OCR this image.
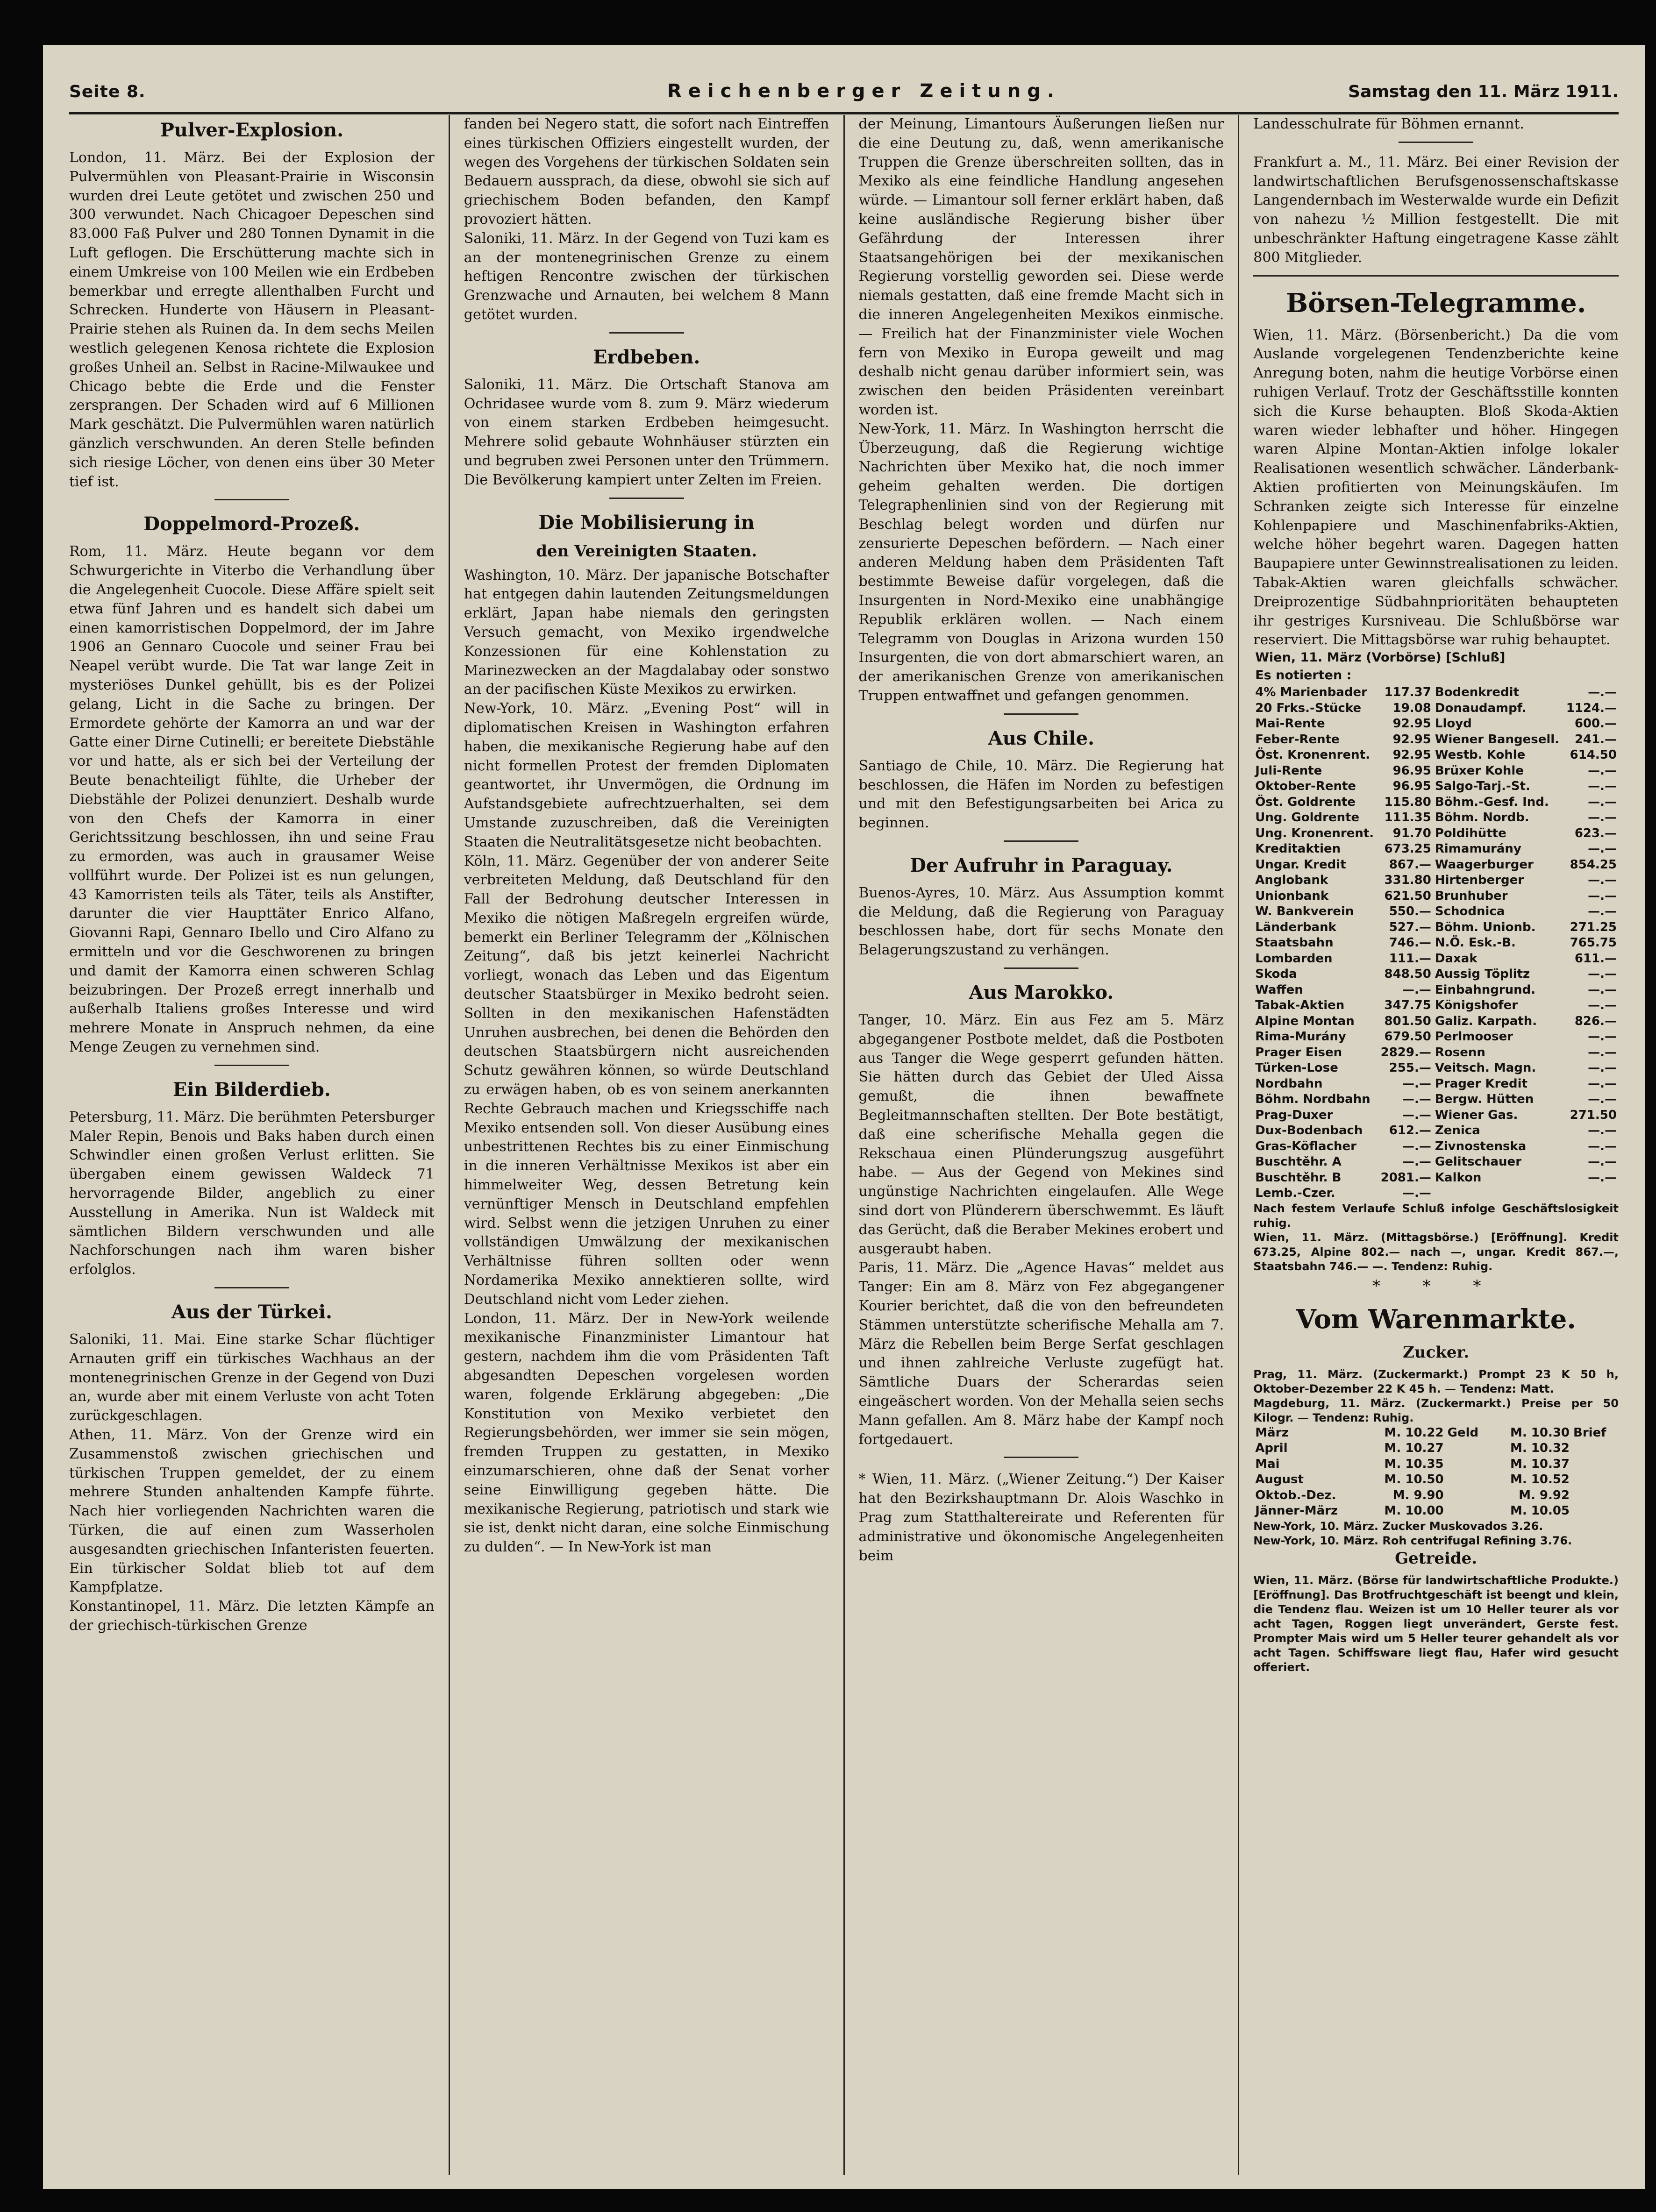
Seite 8.	Reichenberger Zeitung.	Samstag den 11. März 1911.
Pulver-Explosion.

London, 11. März. Bei der Explosion der Pulvermühlen von Pleasant-Prairie in Wisconsin wurden drei Leute getötet und zwischen 250 und 300 verwundet. Nach Chicagoer Depeschen sind 83.000 Faß Pulver und 280 Tonnen Dynamit in die Luft geflogen. Die Erschütterung machte sich in einem Umkreise von 100 Meilen wie ein Erdbeben bemerkbar und erregte allenthalben Furcht und Schrecken. Hunderte von Häusern in Pleasant-Prairie stehen als Ruinen da. In dem sechs Meilen westlich gelegenen Kenosa richtete die Explosion großes Unheil an. Selbst in Racine-Milwaukee und Chicago bebte die Erde und die Fenster zersprangen. Der Schaden wird auf 6 Millionen Mark geschätzt. Die Pulvermühlen waren natürlich gänzlich verschwunden. An deren Stelle befinden sich riesige Löcher, von denen eins über 30 Meter tief ist.

Doppelmord-Prozeß.

Rom, 11. März. Heute begann vor dem Schwurgerichte in Viterbo die Verhandlung über die Angelegenheit Cuocole. Diese Affäre spielt seit etwa fünf Jahren und es handelt sich dabei um einen kamorristischen Doppelmord, der im Jahre 1906 an Gennaro Cuocole und seiner Frau bei Neapel verübt wurde. Die Tat war lange Zeit in mysteriöses Dunkel gehüllt, bis es der Polizei gelang, Licht in die Sache zu bringen. Der Ermordete gehörte der Kamorra an und war der Gatte einer Dirne Cutinelli; er bereitete Diebstähle vor und hatte, als er sich bei der Verteilung der Beute benachteiligt fühlte, die Urheber der Diebstähle der Polizei denunziert. Deshalb wurde von den Chefs der Kamorra in einer Gerichtssitzung beschlossen, ihn und seine Frau zu ermorden, was auch in grausamer Weise vollführt wurde. Der Polizei ist es nun gelungen, 43 Kamorristen teils als Täter, teils als Anstifter, darunter die vier Haupttäter Enrico Alfano, Giovanni Rapi, Gennaro Ibello und Ciro Alfano zu ermitteln und vor die Geschworenen zu bringen und damit der Kamorra einen schweren Schlag beizubringen. Der Prozeß erregt innerhalb und außerhalb Italiens großes Interesse und wird mehrere Monate in Anspruch nehmen, da eine Menge Zeugen zu vernehmen sind.

Ein Bilderdieb.

Petersburg, 11. März. Die berühmten Petersburger Maler Repin, Benois und Baks haben durch einen Schwindler einen großen Verlust erlitten. Sie übergaben einem gewissen Waldeck 71 hervorragende Bilder, angeblich zu einer Ausstellung in Amerika. Nun ist Waldeck mit sämtlichen Bildern verschwunden und alle Nachforschungen nach ihm waren bisher erfolglos.

Aus der Türkei.

Saloniki, 11. Mai. Eine starke Schar flüchtiger Arnauten griff ein türkisches Wachhaus an der montenegrinischen Grenze in der Gegend von Duzi an, wurde aber mit einem Verluste von acht Toten zurückgeschlagen.
Athen, 11. März. Von der Grenze wird ein Zusammenstoß zwischen griechischen und türkischen Truppen gemeldet, der zu einem mehrere Stunden anhaltenden Kampfe führte. Nach hier vorliegenden Nachrichten waren die Türken, die auf einen zum Wasserholen ausgesandten griechischen Infanteristen feuerten. Ein türkischer Soldat blieb tot auf dem Kampfplatze.
Konstantinopel, 11. März. Die letzten Kämpfe an der griechisch-türkischen Grenze

fanden bei Negero statt, die sofort nach Eintreffen eines türkischen Offiziers eingestellt wurden, der wegen des Vorgehens der türkischen Soldaten sein Bedauern aussprach, da diese, obwohl sie sich auf griechischem Boden befanden, den Kampf provoziert hätten.
Saloniki, 11. März. In der Gegend von Tuzi kam es an der montenegrinischen Grenze zu einem heftigen Rencontre zwischen der türkischen Grenzwache und Arnauten, bei welchem 8 Mann getötet wurden.

Erdbeben.

Saloniki, 11. März. Die Ortschaft Stanova am Ochridasee wurde vom 8. zum 9. März wiederum von einem starken Erdbeben heimgesucht. Mehrere solid gebaute Wohnhäuser stürzten ein und begruben zwei Personen unter den Trümmern. Die Bevölkerung kampiert unter Zelten im Freien.

Die Mobilisierung in
den Vereinigten Staaten.

Washington, 10. März. Der japanische Botschafter hat entgegen dahin lautenden Zeitungsmeldungen erklärt, Japan habe niemals den geringsten Versuch gemacht, von Mexiko irgendwelche Konzessionen für eine Kohlenstation zu Marinezwecken an der Magdalabay oder sonstwo an der pacifischen Küste Mexikos zu erwirken.
New-York, 10. März. „Evening Post“ will in diplomatischen Kreisen in Washington erfahren haben, die mexikanische Regierung habe auf den nicht formellen Protest der fremden Diplomaten geantwortet, ihr Unvermögen, die Ordnung im Aufstandsgebiete aufrechtzuerhalten, sei dem Umstande zuzuschreiben, daß die Vereinigten Staaten die Neutralitätsgesetze nicht beobachten.
Köln, 11. März. Gegenüber der von anderer Seite verbreiteten Meldung, daß Deutschland für den Fall der Bedrohung deutscher Interessen in Mexiko die nötigen Maßregeln ergreifen würde, bemerkt ein Berliner Telegramm der „Kölnischen Zeitung“, daß bis jetzt keinerlei Nachricht vorliegt, wonach das Leben und das Eigentum deutscher Staatsbürger in Mexiko bedroht seien. Sollten in den mexikanischen Hafenstädten Unruhen ausbrechen, bei denen die Behörden den deutschen Staatsbürgern nicht ausreichenden Schutz gewähren können, so würde Deutschland zu erwägen haben, ob es von seinem anerkannten Rechte Gebrauch machen und Kriegsschiffe nach Mexiko entsenden soll. Von dieser Ausübung eines unbestrittenen Rechtes bis zu einer Einmischung in die inneren Verhältnisse Mexikos ist aber ein himmelweiter Weg, dessen Betretung kein vernünftiger Mensch in Deutschland empfehlen wird. Selbst wenn die jetzigen Unruhen zu einer vollständigen Umwälzung der mexikanischen Verhältnisse führen sollten oder wenn Nordamerika Mexiko annektieren sollte, wird Deutschland nicht vom Leder ziehen.
London, 11. März. Der in New-York weilende mexikanische Finanzminister Limantour hat gestern, nachdem ihm die vom Präsidenten Taft abgesandten Depeschen vorgelesen worden waren, folgende Erklärung abgegeben: „Die Konstitution von Mexiko verbietet den Regierungsbehörden, wer immer sie sein mögen, fremden Truppen zu gestatten, in Mexiko einzumarschieren, ohne daß der Senat vorher seine Einwilligung gegeben hätte. Die mexikanische Regierung, patriotisch und stark wie sie ist, denkt nicht daran, eine solche Einmischung zu dulden“. — In New-York ist man

der Meinung, Limantours Äußerungen ließen nur die eine Deutung zu, daß, wenn amerikanische Truppen die Grenze überschreiten sollten, das in Mexiko als eine feindliche Handlung angesehen würde. — Limantour soll ferner erklärt haben, daß keine ausländische Regierung bisher über Gefährdung der Interessen ihrer Staatsangehörigen bei der mexikanischen Regierung vorstellig geworden sei. Diese werde niemals gestatten, daß eine fremde Macht sich in die inneren Angelegenheiten Mexikos einmische. — Freilich hat der Finanzminister viele Wochen fern von Mexiko in Europa geweilt und mag deshalb nicht genau darüber informiert sein, was zwischen den beiden Präsidenten vereinbart worden ist.
New-York, 11. März. In Washington herrscht die Überzeugung, daß die Regierung wichtige Nachrichten über Mexiko hat, die noch immer geheim gehalten werden. Die dortigen Telegraphenlinien sind von der Regierung mit Beschlag belegt worden und dürfen nur zensurierte Depeschen befördern. — Nach einer anderen Meldung haben dem Präsidenten Taft bestimmte Beweise dafür vorgelegen, daß die Insurgenten in Nord-Mexiko eine unabhängige Republik erklären wollen. — Nach einem Telegramm von Douglas in Arizona wurden 150 Insurgenten, die von dort abmarschiert waren, an der amerikanischen Grenze von amerikanischen Truppen entwaffnet und gefangen genommen.

Aus Chile.

Santiago de Chile, 10. März. Die Regierung hat beschlossen, die Häfen im Norden zu befestigen und mit den Befestigungsarbeiten bei Arica zu beginnen.

Der Aufruhr in Paraguay.

Buenos-Ayres, 10. März. Aus Assumption kommt die Meldung, daß die Regierung von Paraguay beschlossen habe, dort für sechs Monate den Belagerungszustand zu verhängen.

Aus Marokko.

Tanger, 10. März. Ein aus Fez am 5. März abgegangener Postbote meldet, daß die Postboten aus Tanger die Wege gesperrt gefunden hätten. Sie hätten durch das Gebiet der Uled Aissa gemußt, die ihnen bewaffnete Begleitmannschaften stellten. Der Bote bestätigt, daß eine scherifische Mehalla gegen die Rekschaua einen Plünderungszug ausgeführt habe. — Aus der Gegend von Mekines sind ungünstige Nachrichten eingelaufen. Alle Wege sind dort von Plünderern überschwemmt. Es läuft das Gerücht, daß die Beraber Mekines erobert und ausgeraubt haben.
Paris, 11. März. Die „Agence Havas“ meldet aus Tanger: Ein am 8. März von Fez abgegangener Kourier berichtet, daß die von den befreundeten Stämmen unterstützte scherifische Mehalla am 7. März die Rebellen beim Berge Serfat geschlagen und ihnen zahlreiche Verluste zugefügt hat. Sämtliche Duars der Scherardas seien eingeäschert worden. Von der Mehalla seien sechs Mann gefallen. Am 8. März habe der Kampf noch fortgedauert.

* Wien, 11. März. („Wiener Zeitung.“) Der Kaiser hat den Bezirkshauptmann Dr. Alois Waschko in Prag zum Statthaltereirate und Referenten für administrative und ökonomische Angelegenheiten beim

Landesschulrate für Böhmen ernannt.

Frankfurt a. M., 11. März. Bei einer Revision der landwirtschaftlichen Berufsgenossenschaftskasse Langendernbach im Westerwalde wurde ein Defizit von nahezu ½ Million festgestellt. Die mit unbeschränkter Haftung eingetragene Kasse zählt 800 Mitglieder.

Börsen-Telegramme.

Wien, 11. März. (Börsenbericht.) Da die vom Auslande vorgelegenen Tendenzberichte keine Anregung boten, nahm die heutige Vorbörse einen ruhigen Verlauf. Trotz der Geschäftsstille konnten sich die Kurse behaupten. Bloß Skoda-Aktien waren wieder lebhafter und höher. Hingegen waren Alpine Montan-Aktien infolge lokaler Realisationen wesentlich schwächer. Länderbank-Aktien profitierten von Meinungskäufen. Im Schranken zeigte sich Interesse für einzelne Kohlenpapiere und Maschinenfabriks-Aktien, welche höher begehrt waren. Dagegen hatten Baupapiere unter Gewinnstrealisationen zu leiden. Tabak-Aktien waren gleichfalls schwächer. Dreiprozentige Südbahnprioritäten behaupteten ihr gestriges Kursniveau. Die Schlußbörse war reserviert. Die Mittagsbörse war ruhig behauptet.

Wien, 11. März (Vorbörse) [Schluß]			
Es notierten :			
4% Marienbader	117.37	Bodenkredit	—.—
20 Frks.-Stücke	19.08	Donaudampf.	1124.—
Mai-Rente	92.95	Lloyd	600.—
Feber-Rente	92.95	Wiener Bangesell.	241.—
Öst. Kronenrent.	92.95	Westb. Kohle	614.50
Juli-Rente	96.95	Brüxer Kohle	—.—
Oktober-Rente	96.95	Salgo-Tarj.-St.	—.—
Öst. Goldrente	115.80	Böhm.-Gesf. Ind.	—.—
Ung. Goldrente	111.35	Böhm. Nordb.	—.—
Ung. Kronenrent.	91.70	Poldihütte	623.—
Kreditaktien	673.25	Rimamurány	—.—
Ungar. Kredit	867.—	Waagerburger	854.25
Anglobank	331.80	Hirtenberger	—.—
Unionbank	621.50	Brunhuber	—.—
W. Bankverein	550.—	Schodnica	—.—
Länderbank	527.—	Böhm. Unionb.	271.25
Staatsbahn	746.—	N.Ö. Esk.-B.	765.75
Lombarden	111.—	Daxak	611.—
Skoda	848.50	Aussig Töplitz	—.—
Waffen	—.—	Einbahngrund.	—.—
Tabak-Aktien	347.75	Königshofer	—.—
Alpine Montan	801.50	Galiz. Karpath.	826.—
Rima-Murány	679.50	Perlmooser	—.—
Prager Eisen	2829.—	Rosenn	—.—
Türken-Lose	255.—	Veitsch. Magn.	—.—
Nordbahn	—.—	Prager Kredit	—.—
Böhm. Nordbahn	—.—	Bergw. Hütten	—.—
Prag-Duxer	—.—	Wiener Gas.	271.50
Dux-Bodenbach	612.—	Zenica	—.—
Gras-Köflacher	—.—	Zivnostenska	—.—
Buschtěhr. A	—.—	Gelitschauer	—.—
Buschtěhr. B	2081.—	Kalkon	—.—
Lemb.-Czer.	—.—		

Nach festem Verlaufe Schluß infolge Geschäftslosigkeit ruhig.

Wien, 11. März. (Mittagsbörse.) [Eröffnung]. Kredit 673.25, Alpine 802.— nach —, ungar. Kredit 867.—, Staatsbahn 746.— —. Tendenz: Ruhig.

* * *
Vom Warenmarkte.
Zucker.

Prag, 11. März. (Zuckermarkt.) Prompt 23 K 50 h, Oktober-Dezember 22 K 45 h. — Tendenz: Matt.

Magdeburg, 11. März. (Zuckermarkt.) Preise per 50 Kilogr. — Tendenz: Ruhig.

März	M. 10.22	Geld	M. 10.30	Brief
April	M. 10.27		M. 10.32	
Mai	M. 10.35		M. 10.37	
August	M. 10.50		M. 10.52	
Oktob.-Dez.	M. 9.90		M. 9.92	
Jänner-März	M. 10.00		M. 10.05	

New-York, 10. März. Zucker Muskovados 3.26.

New-York, 10. März. Roh centrifugal Refining 3.76.

Getreide.

Wien, 11. März. (Börse für landwirtschaftliche Produkte.) [Eröffnung]. Das Brotfruchtgeschäft ist beengt und klein, die Tendenz flau. Weizen ist um 10 Heller teurer als vor acht Tagen, Roggen liegt unverändert, Gerste fest. Prompter Mais wird um 5 Heller teurer gehandelt als vor acht Tagen. Schiffsware liegt flau, Hafer wird gesucht offeriert.
